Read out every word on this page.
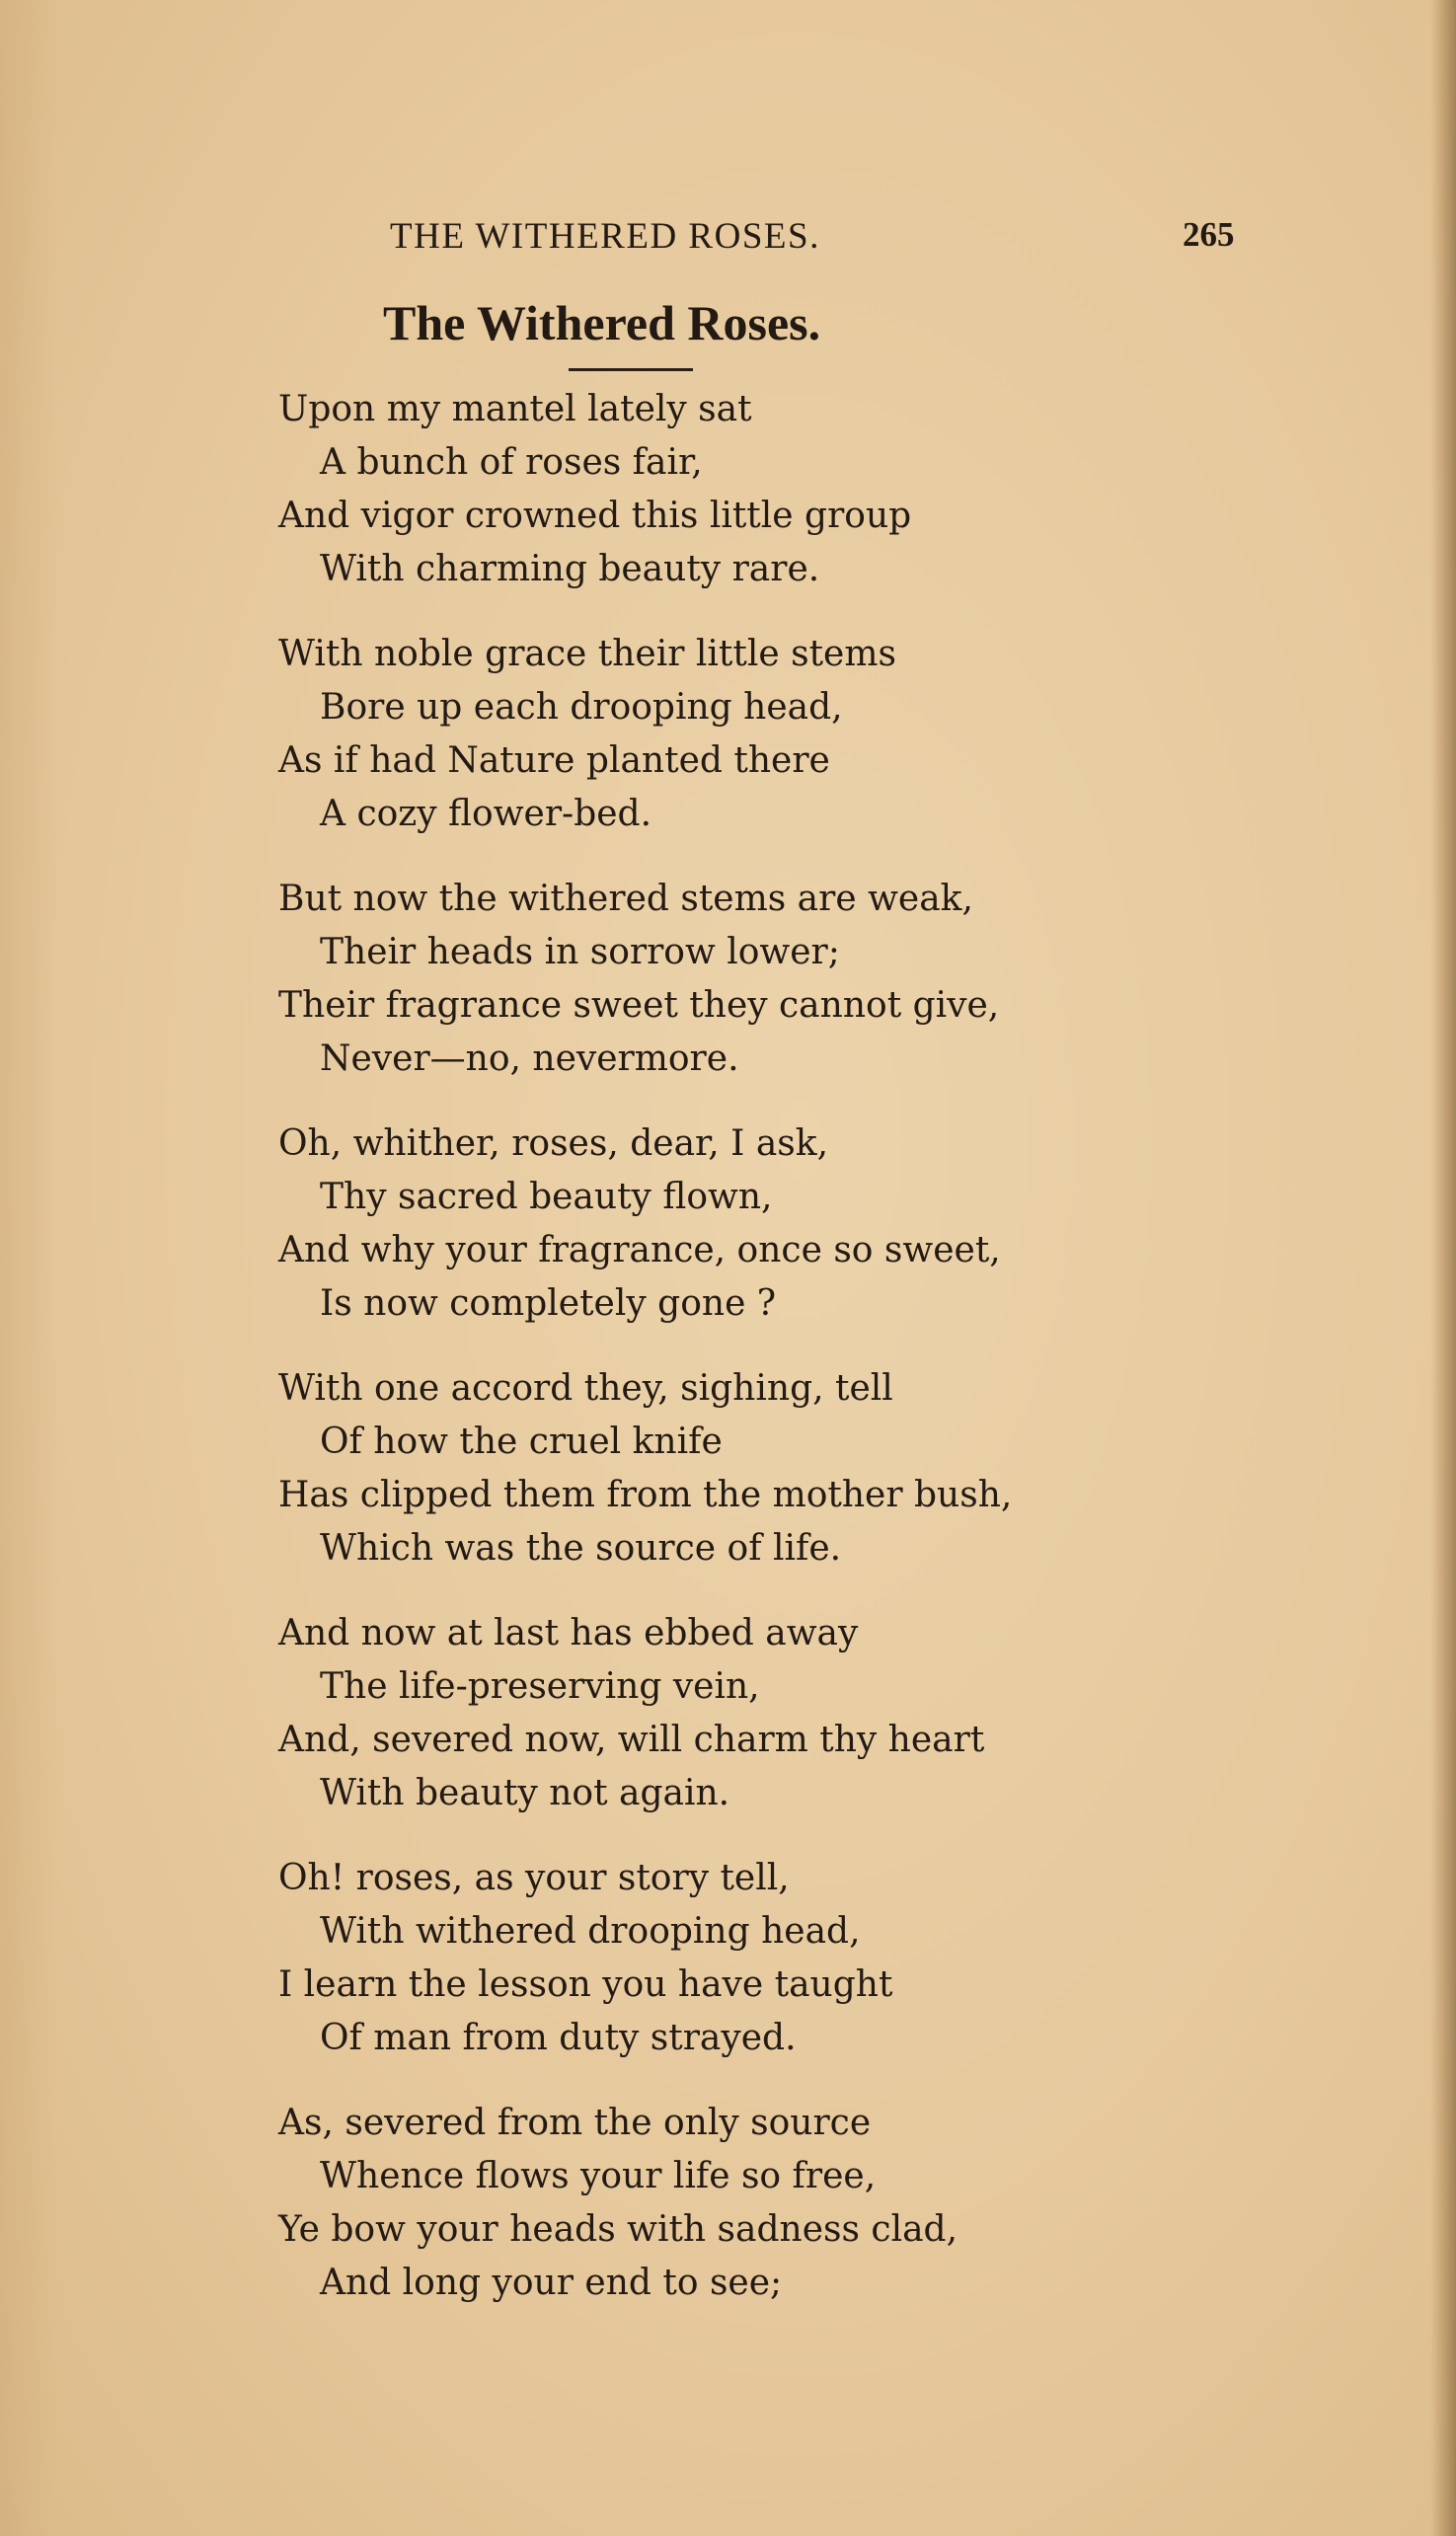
THE WITHERED ROSES.	265
The Withered Roses.
Upon my mantel lately sat
A bunch of roses fair,
And vigor crowned this little group
With charming beauty rare.
With noble grace their little stems
Bore up each drooping head,
As if had Nature planted there
A cozy flower-bed.
But now the withered stems are weak,
Their heads in sorrow lower;
Their fragrance sweet they cannot give,
Never—no, nevermore.
Oh, whither, roses, dear, I ask,
Thy sacred beauty flown,
And why your fragrance, once so sweet,
Is now completely gone ?
With one accord they, sighing, tell
Of how the cruel knife
Has clipped them from the mother bush,
Which was the source of life.
And now at last has ebbed away
The life-preserving vein,
And, severed now, will charm thy heart
With beauty not again.
Oh! roses, as your story tell,
With withered drooping head,
I learn the lesson you have taught
Of man from duty strayed.
As, severed from the only source
Whence flows your life so free,
Ye bow your heads with sadness clad,
And long your end to see;
